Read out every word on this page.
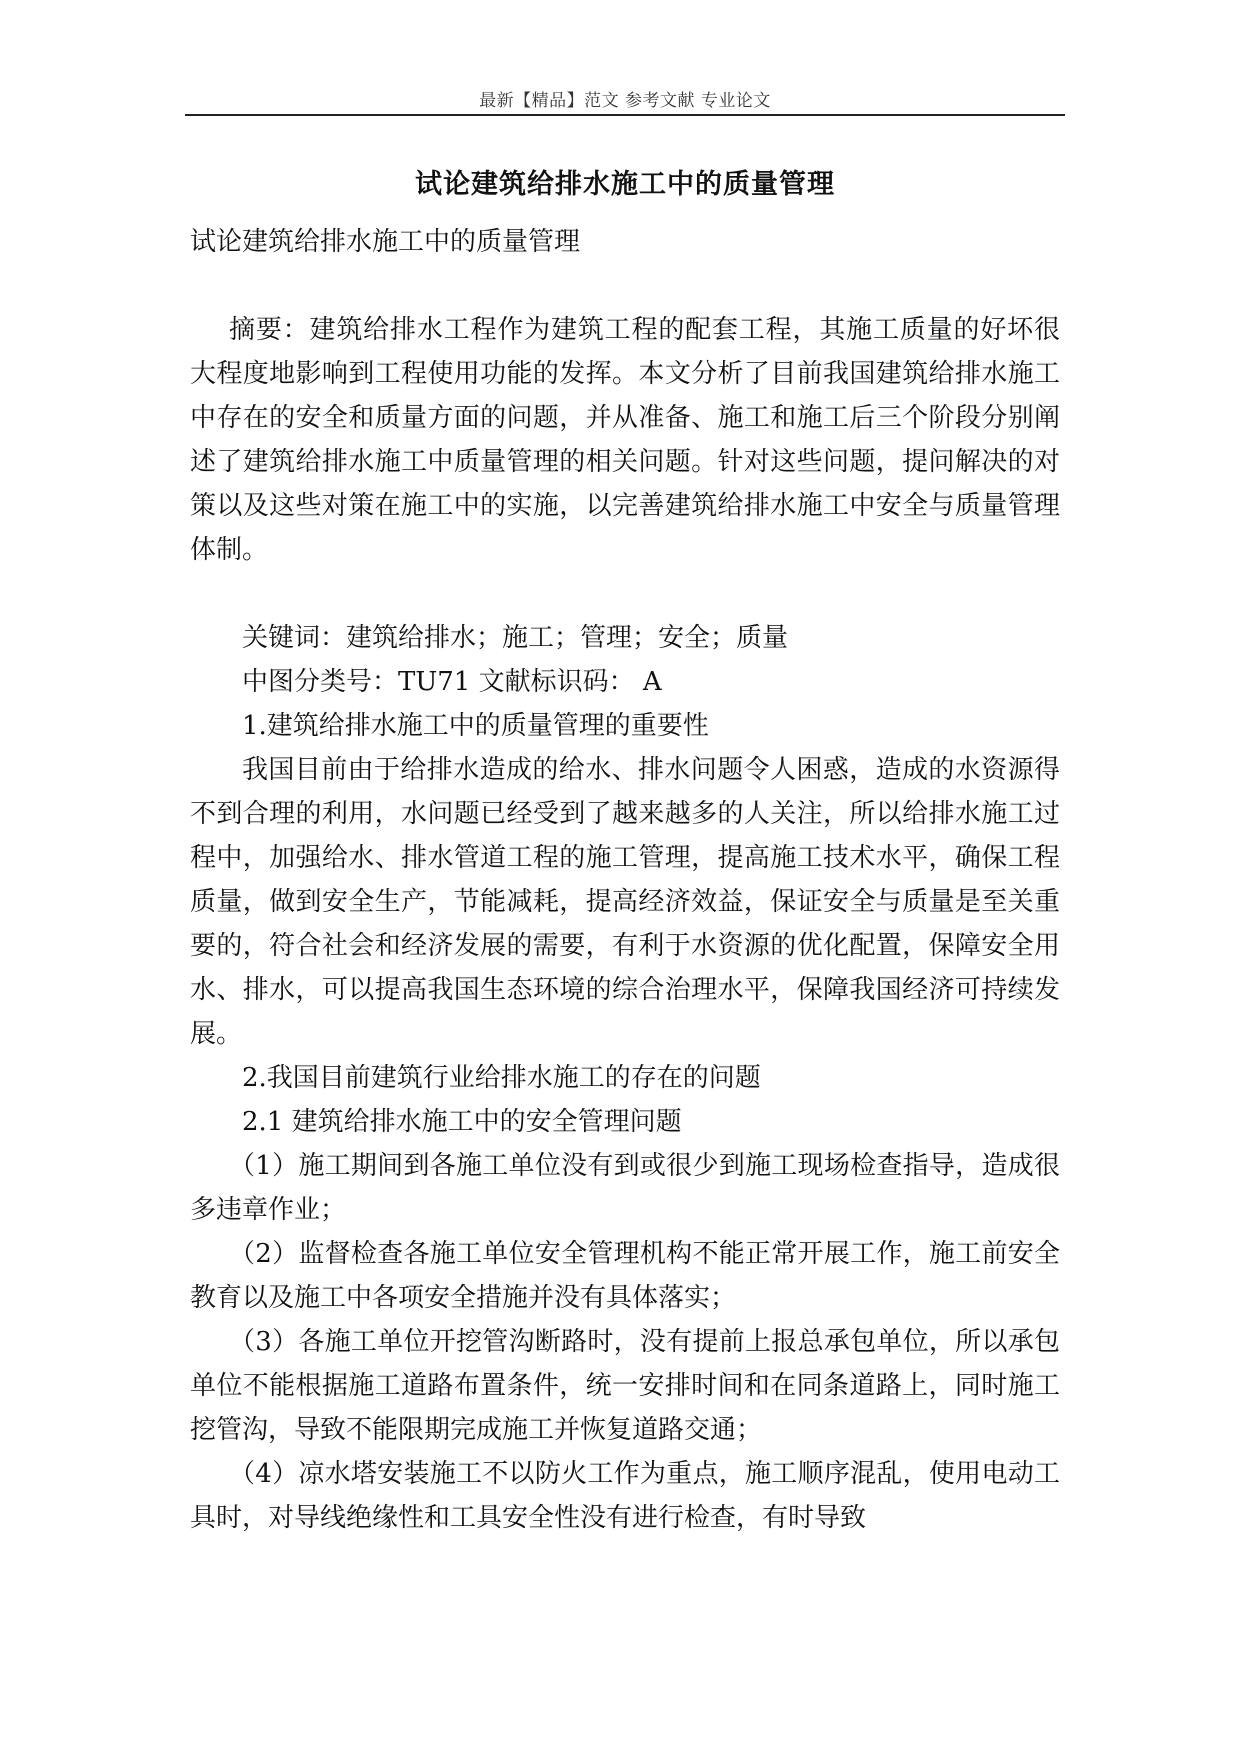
最新【精品】范文 参考文献 专业论文
试论建筑给排水施工中的质量管理

试论建筑给排水施工中的质量管理

摘要：建筑给排水工程作为建筑工程的配套工程，其施工质量的好坏很大程度地影响到工程使用功能的发挥。本文分析了目前我国建筑给排水施工中存在的安全和质量方面的问题，并从准备、施工和施工后三个阶段分别阐述了建筑给排水施工中质量管理的相关问题。针对这些问题，提问解决的对策以及这些对策在施工中的实施，以完善建筑给排水施工中安全与质量管理体制。

关键词：建筑给排水；施工；管理；安全；质量

中图分类号：TU71 文献标识码： A

1.建筑给排水施工中的质量管理的重要性

我国目前由于给排水造成的给水、排水问题令人困惑，造成的水资源得不到合理的利用，水问题已经受到了越来越多的人关注，所以给排水施工过程中，加强给水、排水管道工程的施工管理，提高施工技术水平，确保工程质量，做到安全生产，节能减耗，提高经济效益，保证安全与质量是至关重要的，符合社会和经济发展的需要，有利于水资源的优化配置，保障安全用水、排水，可以提高我国生态环境的综合治理水平，保障我国经济可持续发展。

2.我国目前建筑行业给排水施工的存在的问题

2.1 建筑给排水施工中的安全管理问题

（1）施工期间到各施工单位没有到或很少到施工现场检查指导，造成很多违章作业；

（2）监督检查各施工单位安全管理机构不能正常开展工作，施工前安全教育以及施工中各项安全措施并没有具体落实；

（3）各施工单位开挖管沟断路时，没有提前上报总承包单位，所以承包单位不能根据施工道路布置条件，统一安排时间和在同条道路上，同时施工挖管沟，导致不能限期完成施工并恢复道路交通；

（4）凉水塔安装施工不以防火工作为重点，施工顺序混乱，使用电动工具时，对导线绝缘性和工具安全性没有进行检查，有时导致
